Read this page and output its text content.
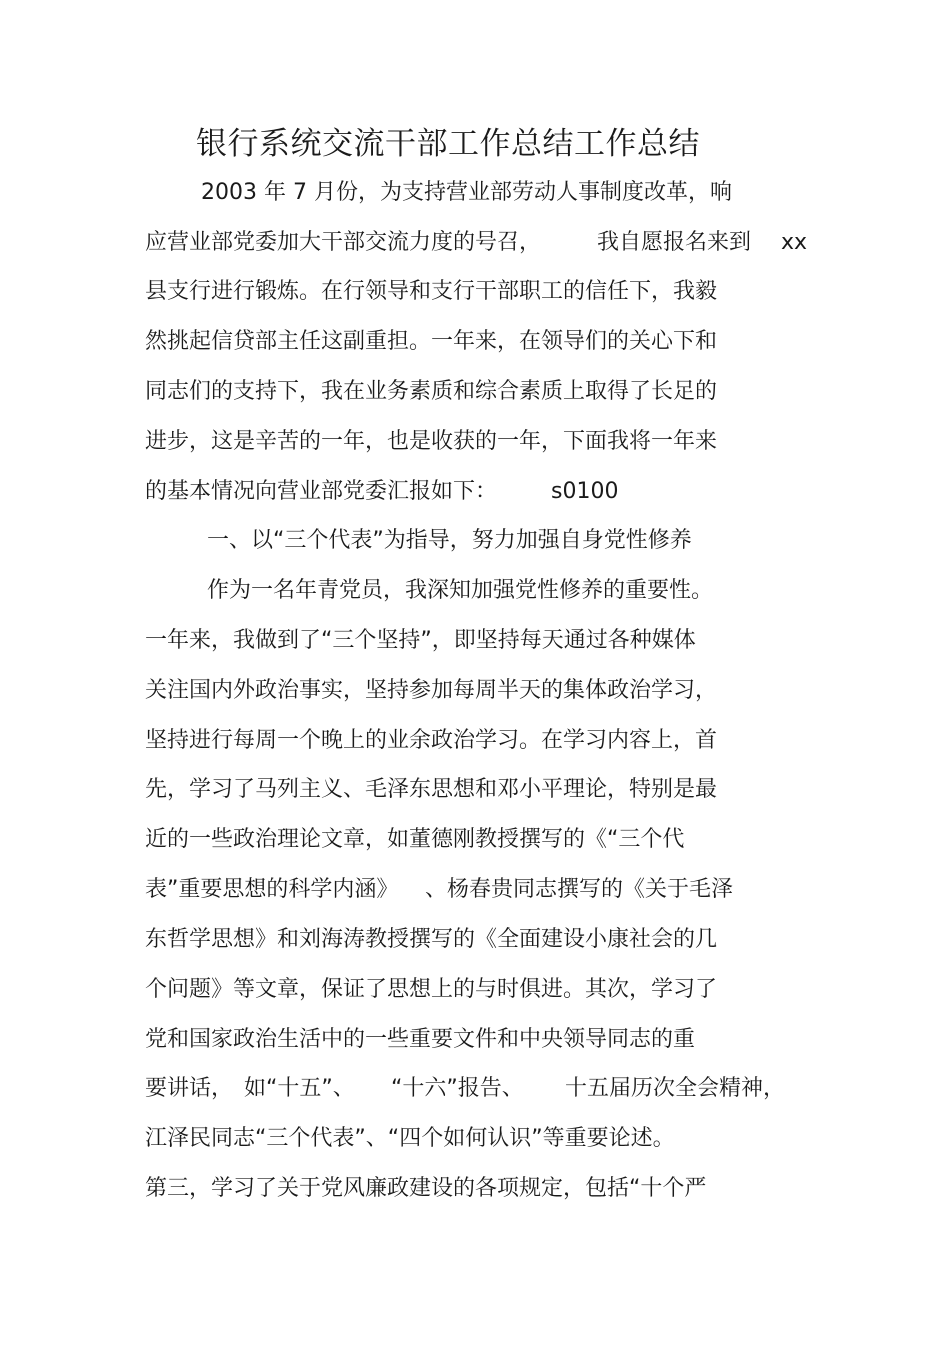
银行系统交流干部工作总结工作总结
2003 年 7 月份，为支持营业部劳动人事制度改革，响
应营业部党委加大干部交流力度的号召，	我自愿报名来到 xx
县支行进行锻炼。在行领导和支行干部职工的信任下，我毅
然挑起信贷部主任这副重担。一年来，在领导们的关心下和
同志们的支持下，我在业务素质和综合素质上取得了长足的
进步，这是辛苦的一年，也是收获的一年，下面我将一年来
的基本情况向营业部党委汇报如下： s0100
一、以“三个代表”为指导，努力加强自身党性修养
作为一名年青党员，我深知加强党性修养的重要性。
一年来，我做到了“三个坚持”，即坚持每天通过各种媒体
关注国内外政治事实，坚持参加每周半天的集体政治学习，
坚持进行每周一个晚上的业余政治学习。在学习内容上，首
先，学习了马列主义、毛泽东思想和邓小平理论，特别是最
近的一些政治理论文章，如董德刚教授撰写的《“三个代
表”重要思想的科学内涵》 、杨春贵同志撰写的《关于毛泽
东哲学思想》和刘海涛教授撰写的《全面建设小康社会的几
个问题》等文章，保证了思想上的与时俱进。其次，学习了
党和国家政治生活中的一些重要文件和中央领导同志的重
要讲话， 如“十五”、 “十六”报告、 十五届历次全会精神，
江泽民同志“三个代表”、“四个如何认识”等重要论述。
第三，学习了关于党风廉政建设的各项规定，包括“十个严
